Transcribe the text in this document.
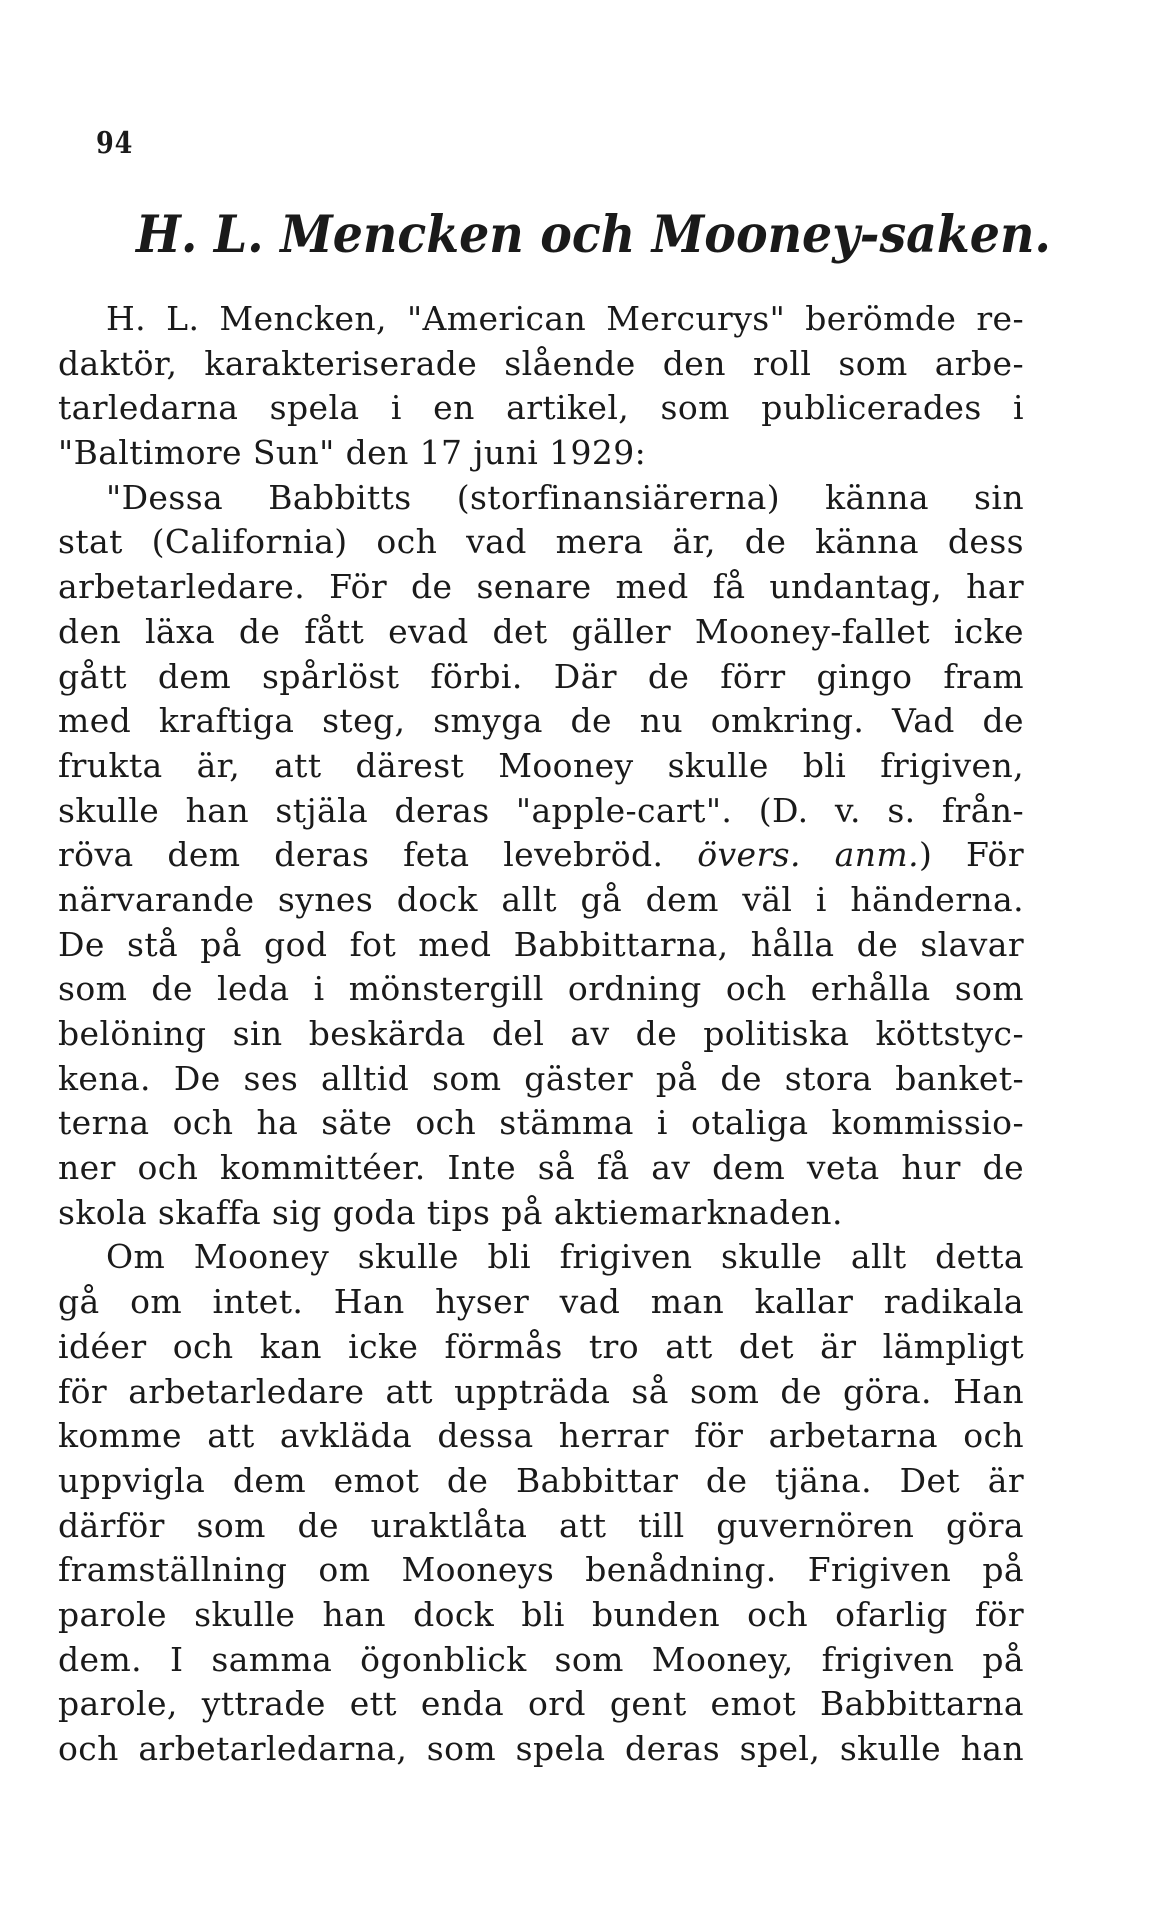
94
H. L. Mencken och Mooney-saken.
H. L. Mencken, "American Mercurys" berömde re-
daktör, karakteriserade slående den roll som arbe-
tarledarna spela i en artikel, som publicerades i
"Baltimore Sun" den 17 juni 1929:
"Dessa Babbitts (storfinansiärerna) känna sin
stat (California) och vad mera är, de känna dess
arbetarledare. För de senare med få undantag, har
den läxa de fått evad det gäller Mooney-fallet icke
gått dem spårlöst förbi. Där de förr gingo fram
med kraftiga steg, smyga de nu omkring. Vad de
frukta är, att därest Mooney skulle bli frigiven,
skulle han stjäla deras "apple-cart". (D. v. s. från-
röva dem deras feta levebröd. övers. anm.) För
närvarande synes dock allt gå dem väl i händerna.
De stå på god fot med Babbittarna, hålla de slavar
som de leda i mönstergill ordning och erhålla som
belöning sin beskärda del av de politiska köttstyc-
kena. De ses alltid som gäster på de stora banket-
terna och ha säte och stämma i otaliga kommissio-
ner och kommittéer. Inte så få av dem veta hur de
skola skaffa sig goda tips på aktiemarknaden.
Om Mooney skulle bli frigiven skulle allt detta
gå om intet. Han hyser vad man kallar radikala
idéer och kan icke förmås tro att det är lämpligt
för arbetarledare att uppträda så som de göra. Han
komme att avkläda dessa herrar för arbetarna och
uppvigla dem emot de Babbittar de tjäna. Det är
därför som de uraktlåta att till guvernören göra
framställning om Mooneys benådning. Frigiven på
parole skulle han dock bli bunden och ofarlig för
dem. I samma ögonblick som Mooney, frigiven på
parole, yttrade ett enda ord gent emot Babbittarna
och arbetarledarna, som spela deras spel, skulle han
